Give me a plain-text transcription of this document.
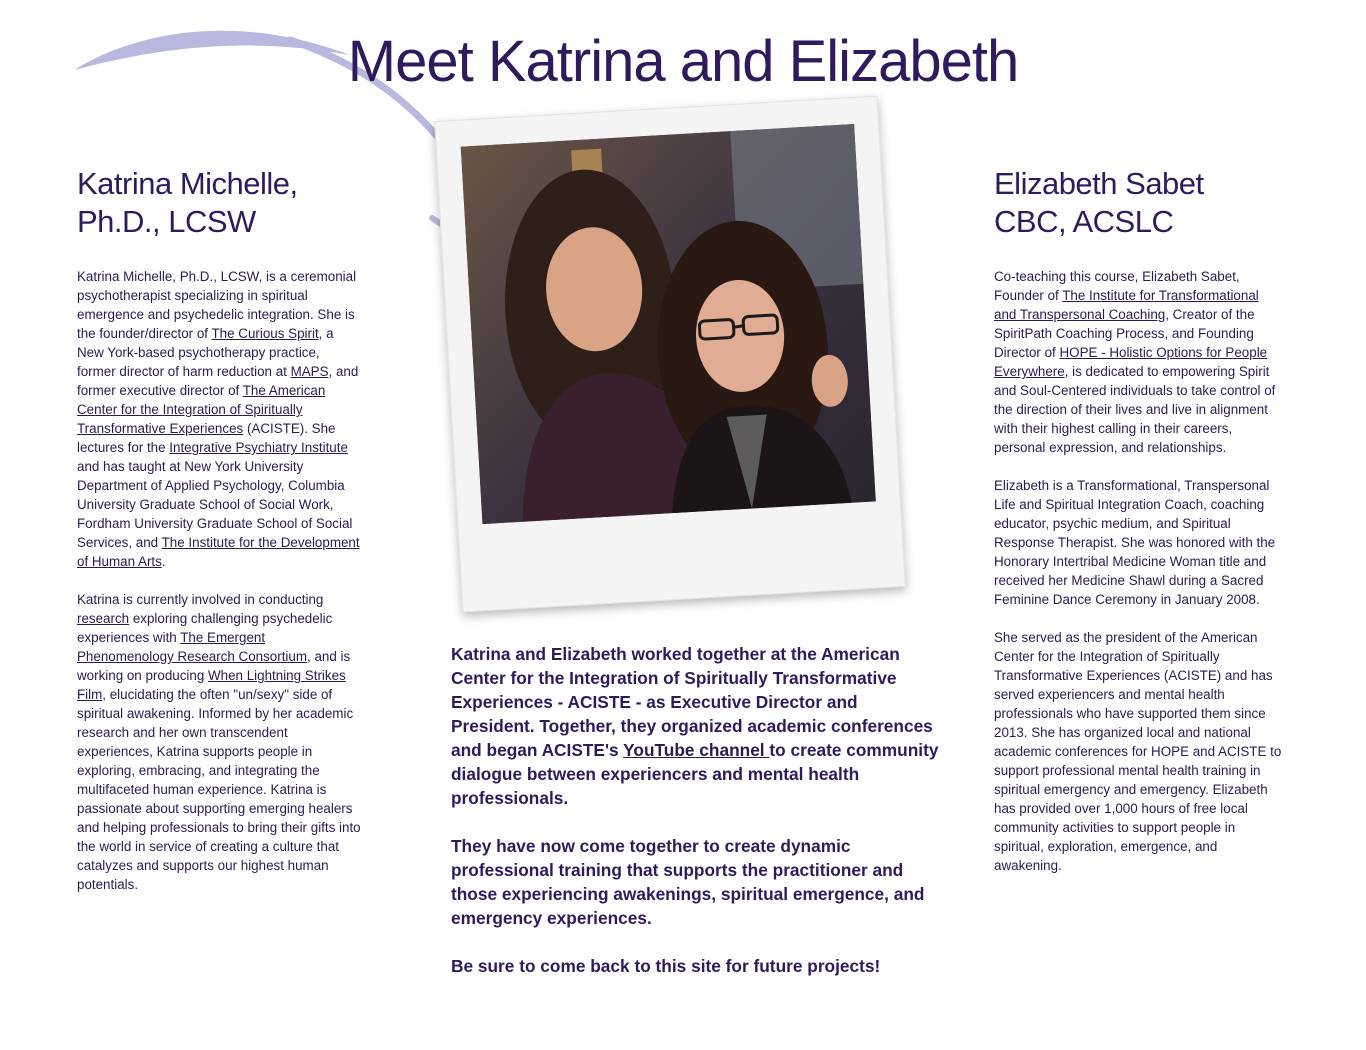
Meet Katrina and Elizabeth
Katrina Michelle,
Ph.D., LCSW

Katrina Michelle, Ph.D., LCSW, is a ceremonial psychotherapist specializing in spiritual emergence and psychedelic integration. She is the founder/director of The Curious Spirit, a New York-based psychotherapy practice, former director of harm reduction at MAPS, and former executive director of The American Center for the Integration of Spiritually Transformative Experiences (ACISTE). She lectures for the Integrative Psychiatry Institute and has taught at New York University Department of Applied Psychology, Columbia University Graduate School of Social Work, Fordham University Graduate School of Social Services, and The Institute for the Development of Human Arts.

Katrina is currently involved in conducting research exploring challenging psychedelic experiences with The Emergent Phenomenology Research Consortium, and is working on producing When Lightning Strikes Film, elucidating the often "un/sexy" side of spiritual awakening. Informed by her academic research and her own transcendent experiences, Katrina supports people in exploring, embracing, and integrating the multifaceted human experience. Katrina is passionate about supporting emerging healers and helping professionals to bring their gifts into the world in service of creating a culture that catalyzes and supports our highest human potentials.

Katrina and Elizabeth worked together at the American Center for the Integration of Spiritually Transformative Experiences - ACISTE - as Executive Director and President. Together, they organized academic conferences and began ACISTE's YouTube channel to create community dialogue between experiencers and mental health professionals.

They have now come together to create dynamic professional training that supports the practitioner and those experiencing awakenings, spiritual emergence, and emergency experiences.

Be sure to come back to this site for future projects!

Elizabeth Sabet
CBC, ACSLC

Co-teaching this course, Elizabeth Sabet, Founder of The Institute for Transformational and Transpersonal Coaching, Creator of the SpiritPath Coaching Process, and Founding Director of HOPE - Holistic Options for People Everywhere, is dedicated to empowering Spirit and Soul-Centered individuals to take control of the direction of their lives and live in alignment with their highest calling in their careers, personal expression, and relationships.

Elizabeth is a Transformational, Transpersonal Life and Spiritual Integration Coach, coaching educator, psychic medium, and Spiritual Response Therapist. She was honored with the Honorary Intertribal Medicine Woman title and received her Medicine Shawl during a Sacred Feminine Dance Ceremony in January 2008.

She served as the president of the American Center for the Integration of Spiritually Transformative Experiences (ACISTE) and has served experiencers and mental health professionals who have supported them since 2013. She has organized local and national academic conferences for HOPE and ACISTE to support professional mental health training in spiritual emergency and emergency. Elizabeth has provided over 1,000 hours of free local community activities to support people in spiritual, exploration, emergence, and awakening.
